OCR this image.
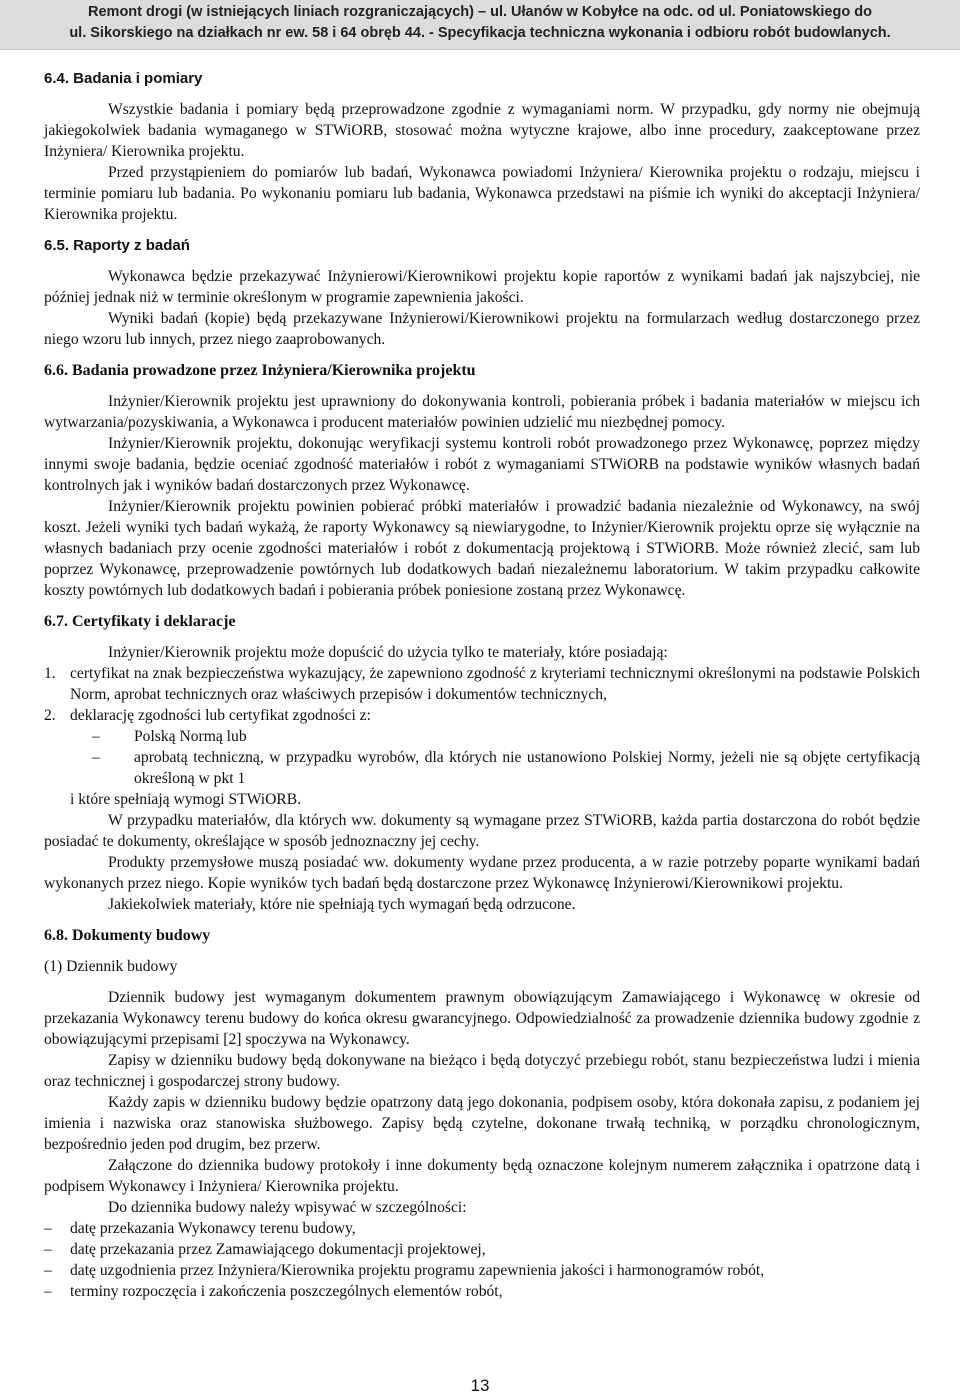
Remont drogi (w istniejących liniach rozgraniczających) – ul. Ułanów w Kobyłce na odc. od ul. Poniatowskiego do
ul. Sikorskiego na działkach nr ew. 58 i 64 obręb 44. - Specyfikacja techniczna wykonania i odbioru robót budowlanych.
6.4. Badania i pomiary

Wszystkie badania i pomiary będą przeprowadzone zgodnie z wymaganiami norm. W przypadku, gdy normy nie obejmują jakiegokolwiek badania wymaganego w STWiORB, stosować można wytyczne krajowe, albo inne procedury, zaakceptowane przez Inżyniera/ Kierownika projektu.

Przed przystąpieniem do pomiarów lub badań, Wykonawca powiadomi Inżyniera/ Kierownika projektu o rodzaju, miejscu i terminie pomiaru lub badania. Po wykonaniu pomiaru lub badania, Wykonawca przedstawi na piśmie ich wyniki do akceptacji Inżyniera/ Kierownika projektu.

6.5. Raporty z badań

Wykonawca będzie przekazywać Inżynierowi/Kierownikowi projektu kopie raportów z wynikami badań jak najszybciej, nie później jednak niż w terminie określonym w programie zapewnienia jakości.

Wyniki badań (kopie) będą przekazywane Inżynierowi/Kierownikowi projektu na formularzach według dostarczonego przez niego wzoru lub innych, przez niego zaaprobowanych.

6.6. Badania prowadzone przez Inżyniera/Kierownika projektu

Inżynier/Kierownik projektu jest uprawniony do dokonywania kontroli, pobierania próbek i badania materiałów w miejscu ich wytwarzania/pozyskiwania, a Wykonawca i producent materiałów powinien udzielić mu niezbędnej pomocy.

Inżynier/Kierownik projektu, dokonując weryfikacji systemu kontroli robót prowadzonego przez Wykonawcę, poprzez między innymi swoje badania, będzie oceniać zgodność materiałów i robót z wymaganiami STWiORB na podstawie wyników własnych badań kontrolnych jak i wyników badań dostarczonych przez Wykonawcę.

Inżynier/Kierownik projektu powinien pobierać próbki materiałów i prowadzić badania niezależnie od Wykonawcy, na swój koszt. Jeżeli wyniki tych badań wykażą, że raporty Wykonawcy są niewiarygodne, to Inżynier/Kierownik projektu oprze się wyłącznie na własnych badaniach przy ocenie zgodności materiałów i robót z dokumentacją projektową i STWiORB. Może również zlecić, sam lub poprzez Wykonawcę, przeprowadzenie powtórnych lub dodatkowych badań niezależnemu laboratorium. W takim przypadku całkowite koszty powtórnych lub dodatkowych badań i pobierania próbek poniesione zostaną przez Wykonawcę.

6.7. Certyfikaty i deklaracje

Inżynier/Kierownik projektu może dopuścić do użycia tylko te materiały, które posiadają:

1. certyfikat na znak bezpieczeństwa wykazujący, że zapewniono zgodność z kryteriami technicznymi określonymi na podstawie Polskich Norm, aprobat technicznych oraz właściwych przepisów i dokumentów technicznych,
2. deklarację zgodności lub certyfikat zgodności z:
– Polską Normą lub
– aprobatą techniczną, w przypadku wyrobów, dla których nie ustanowiono Polskiej Normy, jeżeli nie są objęte certyfikacją określoną w pkt 1

i które spełniają wymogi STWiORB.

W przypadku materiałów, dla których ww. dokumenty są wymagane przez STWiORB, każda partia dostarczona do robót będzie posiadać te dokumenty, określające w sposób jednoznaczny jej cechy.

Produkty przemysłowe muszą posiadać ww. dokumenty wydane przez producenta, a w razie potrzeby poparte wynikami badań wykonanych przez niego. Kopie wyników tych badań będą dostarczone przez Wykonawcę Inżynierowi/Kierownikowi projektu.

Jakiekolwiek materiały, które nie spełniają tych wymagań będą odrzucone.

6.8. Dokumenty budowy

(1) Dziennik budowy

Dziennik budowy jest wymaganym dokumentem prawnym obowiązującym Zamawiającego i Wykonawcę w okresie od przekazania Wykonawcy terenu budowy do końca okresu gwarancyjnego. Odpowiedzialność za prowadzenie dziennika budowy zgodnie z obowiązującymi przepisami [2] spoczywa na Wykonawcy.

Zapisy w dzienniku budowy będą dokonywane na bieżąco i będą dotyczyć przebiegu robót, stanu bezpieczeństwa ludzi i mienia oraz technicznej i gospodarczej strony budowy.

Każdy zapis w dzienniku budowy będzie opatrzony datą jego dokonania, podpisem osoby, która dokonała zapisu, z podaniem jej imienia i nazwiska oraz stanowiska służbowego. Zapisy będą czytelne, dokonane trwałą techniką, w porządku chronologicznym, bezpośrednio jeden pod drugim, bez przerw.

Załączone do dziennika budowy protokoły i inne dokumenty będą oznaczone kolejnym numerem załącznika i opatrzone datą i podpisem Wykonawcy i Inżyniera/ Kierownika projektu.

Do dziennika budowy należy wpisywać w szczególności:

– datę przekazania Wykonawcy terenu budowy,
– datę przekazania przez Zamawiającego dokumentacji projektowej,
– datę uzgodnienia przez Inżyniera/Kierownika projektu programu zapewnienia jakości i harmonogramów robót,
– terminy rozpoczęcia i zakończenia poszczególnych elementów robót,
13
